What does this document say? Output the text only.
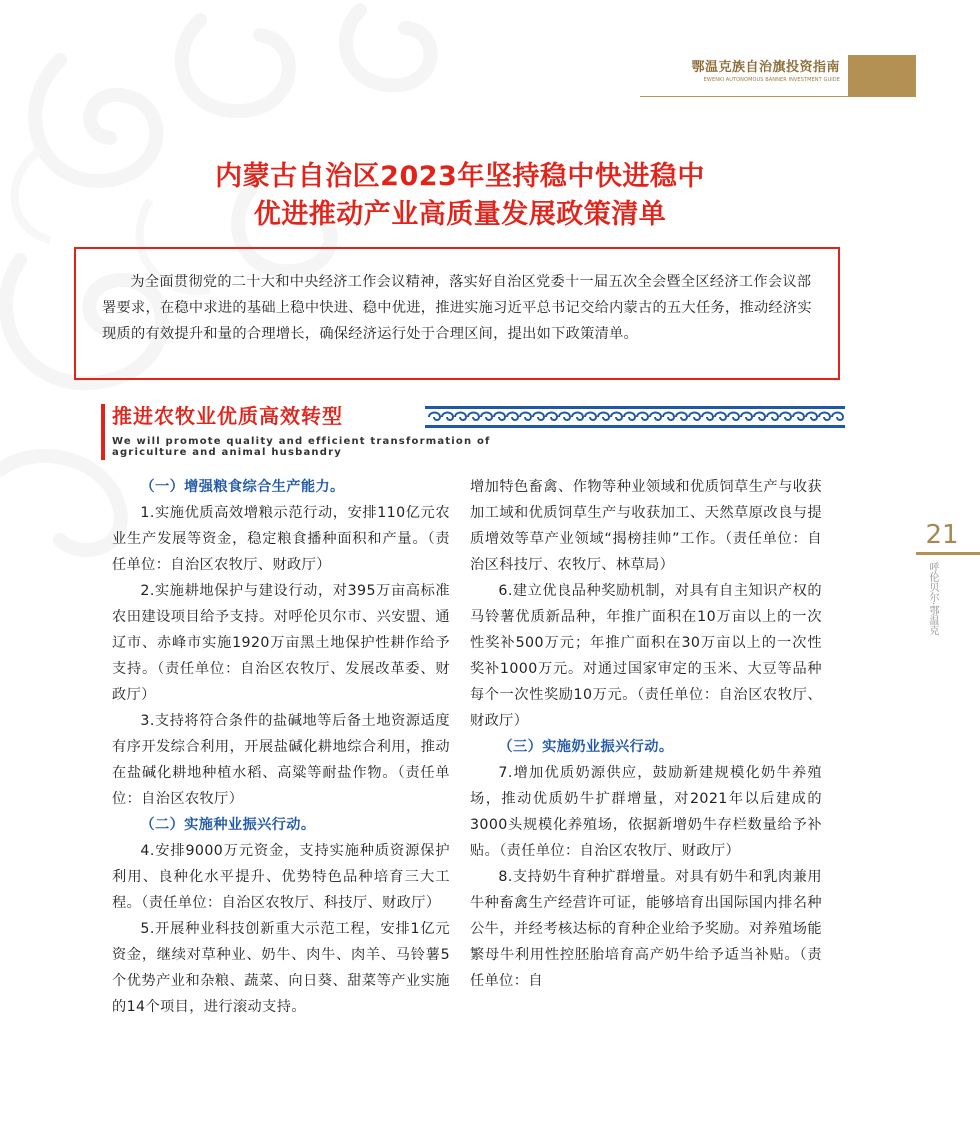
鄂温克族自治旗投资指南
EWENKI AUTONOMOUS BANNER INVESTMENT GUIDE
21
呼伦贝尔·鄂温克
内蒙古自治区2023年坚持稳中快进稳中
优进推动产业高质量发展政策清单

为全面贯彻党的二十大和中央经济工作会议精神，落实好自治区党委十一届五次全会暨全区经济工作会议部署要求，在稳中求进的基础上稳中快进、稳中优进，推进实施习近平总书记交给内蒙古的五大任务，推动经济实现质的有效提升和量的合理增长，确保经济运行处于合理区间，提出如下政策清单。

推进农牧业优质高效转型
We will promote quality and efficient transformation of agriculture and animal husbandry

（一）增强粮食综合生产能力。

1.实施优质高效增粮示范行动，安排110亿元农业生产发展等资金，稳定粮食播种面积和产量。（责任单位：自治区农牧厅、财政厅）

2.实施耕地保护与建设行动，对395万亩高标准农田建设项目给予支持。对呼伦贝尔市、兴安盟、通辽市、赤峰市实施1920万亩黑土地保护性耕作给予支持。（责任单位：自治区农牧厅、发展改革委、财政厅）

3.支持将符合条件的盐碱地等后备土地资源适度有序开发综合利用，开展盐碱化耕地综合利用，推动在盐碱化耕地种植水稻、高粱等耐盐作物。（责任单位：自治区农牧厅）

（二）实施种业振兴行动。

4.安排9000万元资金，支持实施种质资源保护利用、良种化水平提升、优势特色品种培育三大工程。（责任单位：自治区农牧厅、科技厅、财政厅）

5.开展种业科技创新重大示范工程，安排1亿元资金，继续对草种业、奶牛、肉牛、肉羊、马铃薯5个优势产业和杂粮、蔬菜、向日葵、甜菜等产业实施的14个项目，进行滚动支持。

增加特色畜禽、作物等种业领域和优质饲草生产与收获加工域和优质饲草生产与收获加工、天然草原改良与提质增效等草产业领域“揭榜挂帅”工作。（责任单位：自治区科技厅、农牧厅、林草局）

6.建立优良品种奖励机制，对具有自主知识产权的马铃薯优质新品种，年推广面积在10万亩以上的一次性奖补500万元；年推广面积在30万亩以上的一次性奖补1000万元。对通过国家审定的玉米、大豆等品种每个一次性奖励10万元。（责任单位：自治区农牧厅、财政厅）

（三）实施奶业振兴行动。

7.增加优质奶源供应，鼓励新建规模化奶牛养殖场，推动优质奶牛扩群增量，对2021年以后建成的3000头规模化养殖场，依据新增奶牛存栏数量给予补贴。（责任单位：自治区农牧厅、财政厅）

8.支持奶牛育种扩群增量。对具有奶牛和乳肉兼用牛种畜禽生产经营许可证，能够培育出国际国内排名种公牛，并经考核达标的育种企业给予奖励。对养殖场能繁母牛利用性控胚胎培育高产奶牛给予适当补贴。（责任单位：自
